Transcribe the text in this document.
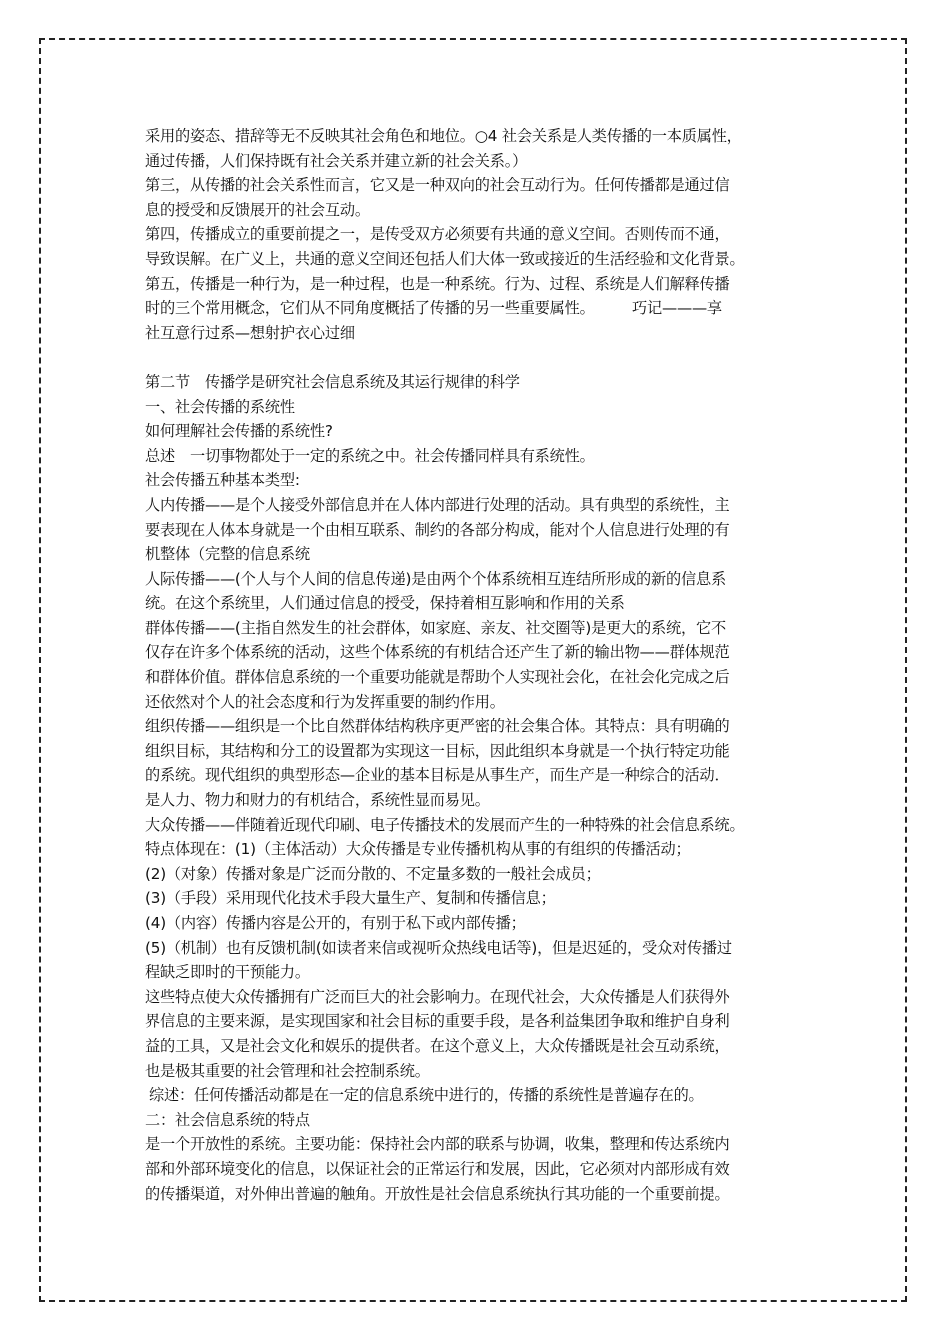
采用的姿态、措辞等无不反映其社会角色和地位。○4 社会关系是人类传播的一本质属性，

通过传播，人们保持既有社会关系并建立新的社会关系。）

第三，从传播的社会关系性而言，它又是一种双向的社会互动行为。任何传播都是通过信

息的授受和反馈展开的社会互动。

第四，传播成立的重要前提之一，是传受双方必须要有共通的意义空间。否则传而不通，

导致误解。在广义上，共通的意义空间还包括人们大体一致或接近的生活经验和文化背景。

第五，传播是一种行为，是一种过程，也是一种系统。行为、过程、系统是人们解释传播

时的三个常用概念，它们从不同角度概括了传播的另一些重要属性。　　　巧记———享

社互意行过系—想射护衣心过细

第二节　传播学是研究社会信息系统及其运行规律的科学

一、社会传播的系统性

如何理解社会传播的系统性?

总述　一切事物都处于一定的系统之中。社会传播同样具有系统性。

社会传播五种基本类型:

人内传播——是个人接受外部信息并在人体内部进行处理的活动。具有典型的系统性，主

要表现在人体本身就是一个由相互联系、制约的各部分构成，能对个人信息进行处理的有

机整体（完整的信息系统

人际传播——(个人与个人间的信息传递)是由两个个体系统相互连结所形成的新的信息系

统。在这个系统里，人们通过信息的授受，保持着相互影响和作用的关系

群体传播——(主指自然发生的社会群体，如家庭、亲友、社交圈等)是更大的系统，它不

仅存在许多个体系统的活动，这些个体系统的有机结合还产生了新的输出物——群体规范

和群体价值。群体信息系统的一个重要功能就是帮助个人实现社会化，在社会化完成之后

还依然对个人的社会态度和行为发挥重要的制约作用。

组织传播——组织是一个比自然群体结构秩序更严密的社会集合体。其特点：具有明确的

组织目标，其结构和分工的设置都为实现这一目标，因此组织本身就是一个执行特定功能

的系统。现代组织的典型形态—企业的基本目标是从事生产，而生产是一种综合的活动．

是人力、物力和财力的有机结合，系统性显而易见。

大众传播——伴随着近现代印刷、电子传播技术的发展而产生的一种特殊的社会信息系统。

特点体现在：(1)（主体活动）大众传播是专业传播机构从事的有组织的传播活动；

(2)（对象）传播对象是广泛而分散的、不定量多数的一般社会成员；

(3)（手段）采用现代化技术手段大量生产、复制和传播信息；

(4)（内容）传播内容是公开的，有别于私下或内部传播；

(5)（机制）也有反馈机制(如读者来信或视听众热线电话等)，但是迟延的，受众对传播过

程缺乏即时的干预能力。

这些特点使大众传播拥有广泛而巨大的社会影响力。在现代社会，大众传播是人们获得外

界信息的主要来源，是实现国家和社会目标的重要手段，是各利益集团争取和维护自身利

益的工具，又是社会文化和娱乐的提供者。在这个意义上，大众传播既是社会互动系统，

也是极其重要的社会管理和社会控制系统。

综述：任何传播活动都是在一定的信息系统中进行的，传播的系统性是普遍存在的。

二：社会信息系统的特点

是一个开放性的系统。主要功能：保持社会内部的联系与协调，收集，整理和传达系统内

部和外部环境变化的信息，以保证社会的正常运行和发展，因此，它必须对内部形成有效

的传播渠道，对外伸出普遍的触角。开放性是社会信息系统执行其功能的一个重要前提。
